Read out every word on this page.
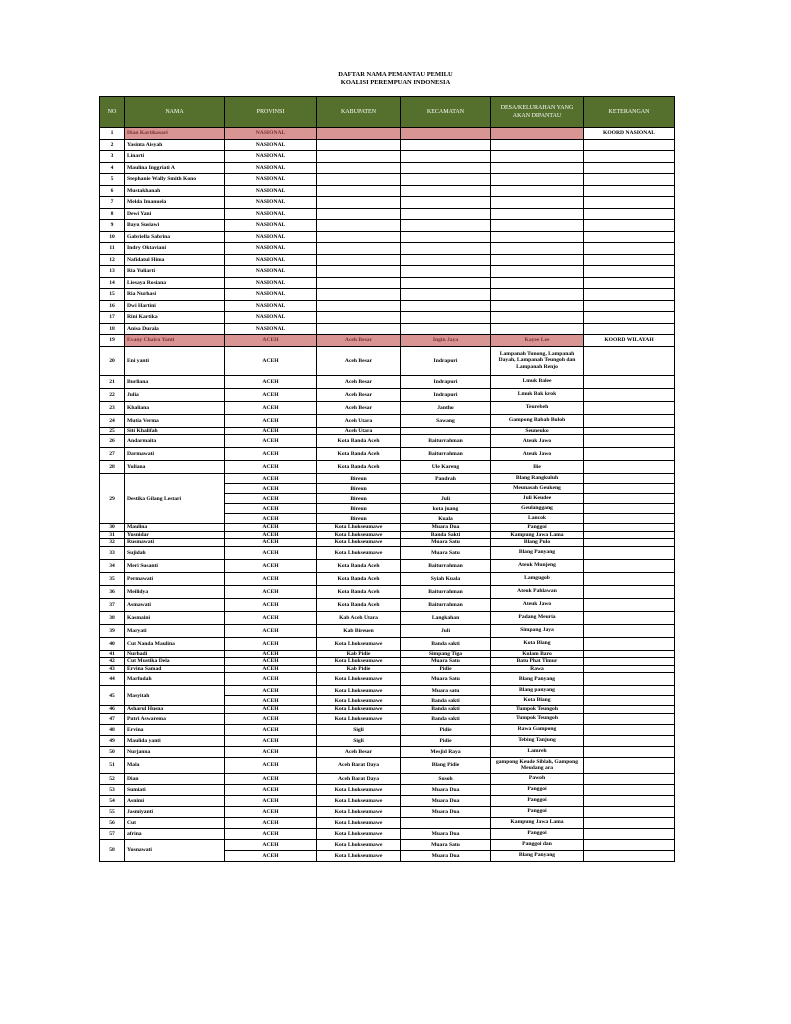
DAFTAR NAMA PEMANTAU PEMILU
KOALISI PEREMPUAN INDONESIA
NO	NAMA	PROVINSI	KABUPATEN	KECAMATAN	DESA/KELURAHAN YANG AKAN DIPANTAU	KETERANGAN
1	Dian Kartikasari	NASIONAL				KOORD NASIONAL
2	Yasinta Aisyah	NASIONAL				
3	Linarti	NASIONAL				
4	Maulina Inggriati A	NASIONAL				
5	Stephanie Wally Smith Kono	NASIONAL				
6	Mustakhanah	NASIONAL				
7	Melda Imanuela	NASIONAL				
8	Dewi Yani	NASIONAL				
9	Bayu Susiawi	NASIONAL				
10	Gabriella Sabrina	NASIONAL				
11	Indry Oktaviani	NASIONAL				
12	Nafidatul Hima	NASIONAL				
13	Ria Yuliarti	NASIONAL				
14	Liesaya Rosiana	NASIONAL				
15	Ria Nurhasi	NASIONAL				
16	Dwi Hartini	NASIONAL				
17	Rini Kartika	NASIONAL				
18	Anisa Durala	NASIONAL				
19	Evany Chaira Yanti	ACEH	Aceh Besar	Ingin Jaya	Kayee Lee	KOORD WILAYAH
20	Eni yanti	ACEH	Aceh Besar	Indrapuri	Lampanah Tunong, Lampanah Dayah, Lampanah Teungoh dan Lampanah Renjo	
21	Burliana	ACEH	Aceh Besar	Indrapuri	Lmuk Balee	
22	Julia	ACEH	Aceh Besar	Indrapuri	Lmuk Bak krok	
23	Khaliana	ACEH	Aceh Besar	Jantho	Teurebeh	
24	Mutia Verma	ACEH	Aceh Utara	Sawang	Gampong Babah Buloh	
25	Siti Khalifah	ACEH	Aceh Utara		Seuneuko	
26	Andarmaita	ACEH	Kota Banda Aceh	Baiturrahman	Ateuk Jawo	
27	Darmawati	ACEH	Kota Banda Aceh	Baiturrahman	Ateuk Jawo	
28	Yuliana	ACEH	Kota Banda Aceh	Ule Kareng	Ilie	
29	Destika Gilang Lestari	ACEH	Bireun	Pandrah	Blang Rangkuluh	
		ACEH	Bireun		Meunasah Geukeng	
		ACEH	Bireun	Juli	Juli Keudee	
		ACEH	Bireun	kota juang	Geulanggang	
		ACEH	Bireun	Kuala	Lancok	
30	Maulina	ACEH	Kota Lhokseumawe	Muara Dua	Panggoi	
31	Yusnidar	ACEH	Kota Lhokseumawe	Banda Sakti	Kampung Jawa Lama	
32	Rusmawati	ACEH	Kota Lhokseumawe	Muara Satu	Blang Pulo	
33	Sujidah	ACEH	Kota Lhokseumawe	Muara Satu	Blang Panyang	
34	Meri Susanti	ACEH	Kota Banda Aceh	Baiturrahman	Ateuk Munjeng	
35	Permawati	ACEH	Kota Banda Aceh	Syiah Kuala	Lamgugob	
36	Meilidya	ACEH	Kota Banda Aceh	Baiturrahman	Ateuk Pahlawan	
37	Asmawati	ACEH	Kota Banda Aceh	Baiturrahman	Ateuk Jawo	
38	Kasmaini	ACEH	Kab Aceh Utara	Langkahan	Padang Meuria	
39	Maryati	ACEH	Kab Bireuen	Juli	Simpang Jaya	
40	Cut Nanda Maulina	ACEH	Kota Lhokseumawe	Banda sakti	Kota Blang	
41	Nurhadi	ACEH	Kab Pidie	Simpang Tiga	Kulam Baro	
42	Cut Mustika Dela	ACEH	Kota Lhokseumawe	Muara Satu	Batu Phat Timur	
43	Ervina Samad	ACEH	Kab Pidie	Pidie	Rawa	
44	Marfudah	ACEH	Kota Lhokseumawe	Muara Satu	Blang Panyang	
45	Masyitah	ACEH	Kota Lhokseumawe	Muara satu	Blang panyang	
		ACEH	Kota Lhokseumawe	Banda sakti	Kota Blang	
46	Asharul Husna	ACEH	Kota Lhokseumawe	Banda sakti	Tumpok Teungoh	
47	Putri Aswarema	ACEH	Kota Lhokseumawe	Banda sakti	Tumpok Teungoh	
48	Ervina	ACEH	Sigli	Pidie	Rawa Gampong	
49	Maulida yanti	ACEH	Sigli	Pidie	Tebing Tanjung	
50	Nurjanna	ACEH	Aceh Besar	Mesjid Raya	Lamreh	
51	Mala	ACEH	Aceh Barat Daya	Blang Pidie	gampong Keude Siblah, Gampong Meudang ara	
52	Dian	ACEH	Aceh Barat Daya	Susoh	Pawoh	
53	Sumiati	ACEH	Kota Lhokseumawe	Muara Dua	Panggoi	
54	Asnimi	ACEH	Kota Lhokseumawe	Muara Dua	Panggoi	
55	Jasmiyanti	ACEH	Kota Lhokseumawe	Muara Dua	Panggoi	
56	Cut	ACEH	Kota Lhokseumawe		Kampung Jawa Lama	
57	afrina	ACEH	Kota Lhokseumawe	Muara Dua	Panggoi	
58	Yusnawati	ACEH	Kota Lhokseumawe	Muara Satu	Panggoi dan	
		ACEH	Kota Lhokseumawe	Muara Dua	Blang Panyang	
